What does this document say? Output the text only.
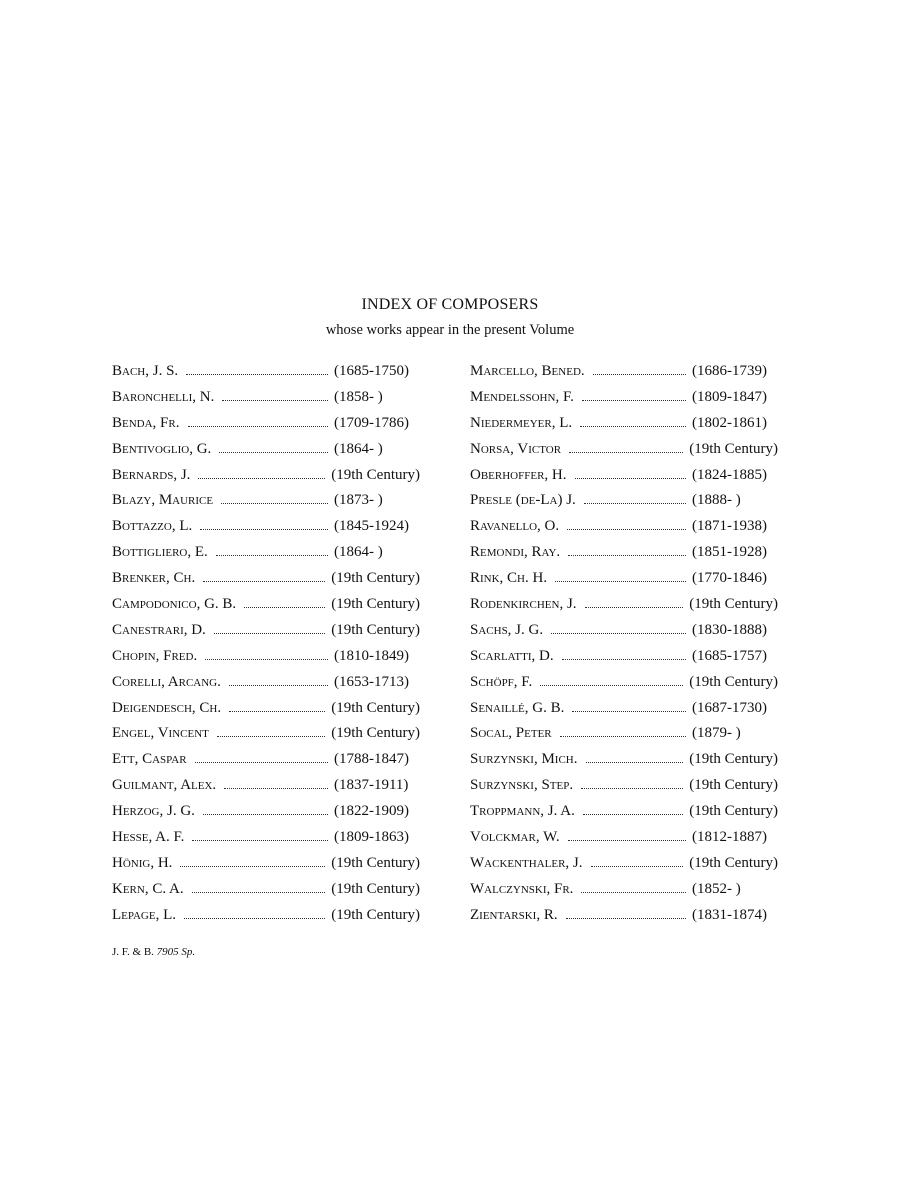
INDEX OF COMPOSERS
whose works appear in the present Volume
Bach, J. S.	(1685-1750)
Baronchelli, N.	(1858- )
Benda, Fr.	(1709-1786)
Bentivoglio, G.	(1864- )
Bernards, J.	(19th Century)
Blazy, Maurice	(1873- )
Bottazzo, L.	(1845-1924)
Bottigliero, E.	(1864- )
Brenker, Ch.	(19th Century)
Campodonico, G. B.	(19th Century)
Canestrari, D.	(19th Century)
Chopin, Fred.	(1810-1849)
Corelli, Arcang.	(1653-1713)
Deigendesch, Ch.	(19th Century)
Engel, Vincent	(19th Century)
Ett, Caspar	(1788-1847)
Guilmant, Alex.	(1837-1911)
Herzog, J. G.	(1822-1909)
Hesse, A. F.	(1809-1863)
Hönig, H.	(19th Century)
Kern, C. A.	(19th Century)
Lepage, L.	(19th Century)
Marcello, Bened.	(1686-1739)
Mendelssohn, F.	(1809-1847)
Niedermeyer, L.	(1802-1861)
Norsa, Victor	(19th Century)
Oberhoffer, H.	(1824-1885)
Presle (de-La) J.	(1888- )
Ravanello, O.	(1871-1938)
Remondi, Ray.	(1851-1928)
Rink, Ch. H.	(1770-1846)
Rodenkirchen, J.	(19th Century)
Sachs, J. G.	(1830-1888)
Scarlatti, D.	(1685-1757)
Schöpf, F.	(19th Century)
Senaillé, G. B.	(1687-1730)
Socal, Peter	(1879- )
Surzynski, Mich.	(19th Century)
Surzynski, Step.	(19th Century)
Troppmann, J. A.	(19th Century)
Volckmar, W.	(1812-1887)
Wackenthaler, J.	(19th Century)
Walczynski, Fr.	(1852- )
Zientarski, R.	(1831-1874)
J. F. & B. 7905 Sp.
